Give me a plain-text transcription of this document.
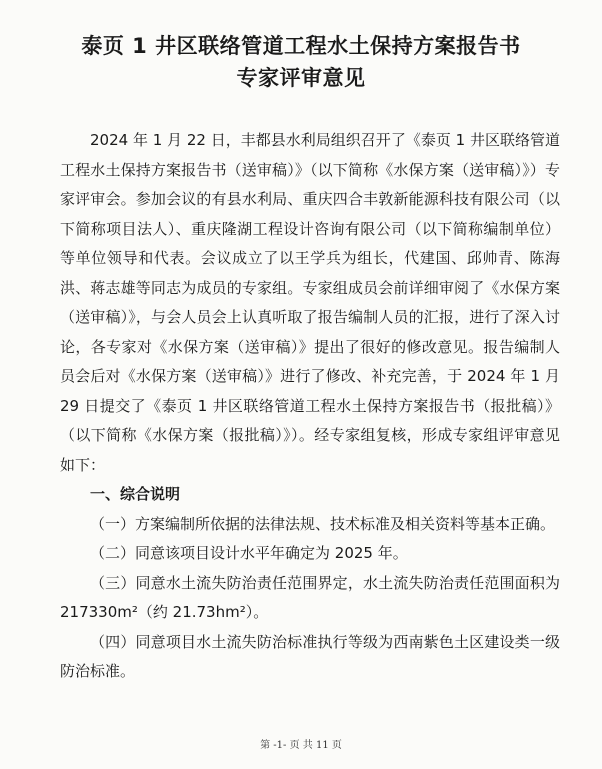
泰页 1 井区联络管道工程水土保持方案报告书
专家评审意见

2024 年 1 月 22 日，丰都县水利局组织召开了《泰页 1 井区联络管道工程水土保持方案报告书（送审稿）》（以下简称《水保方案（送审稿）》）专家评审会。参加会议的有县水利局、重庆四合丰敦新能源科技有限公司（以下简称项目法人）、重庆隆湖工程设计咨询有限公司（以下简称编制单位）等单位领导和代表。会议成立了以王学兵为组长，代建国、邱帅青、陈海洪、蒋志雄等同志为成员的专家组。专家组成员会前详细审阅了《水保方案（送审稿）》，与会人员会上认真听取了报告编制人员的汇报，进行了深入讨论，各专家对《水保方案（送审稿）》提出了很好的修改意见。报告编制人员会后对《水保方案（送审稿）》进行了修改、补充完善，于 2024 年 1 月 29 日提交了《泰页 1 井区联络管道工程水土保持方案报告书（报批稿）》（以下简称《水保方案（报批稿）》）。经专家组复核，形成专家组评审意见如下：

一、综合说明

（一）方案编制所依据的法律法规、技术标准及相关资料等基本正确。

（二）同意该项目设计水平年确定为 2025 年。

（三）同意水土流失防治责任范围界定，水土流失防治责任范围面积为 217330m²（约 21.73hm²）。

（四）同意项目水土流失防治标准执行等级为西南紫色土区建设类一级防治标准。

第 -1- 页 共 11 页
